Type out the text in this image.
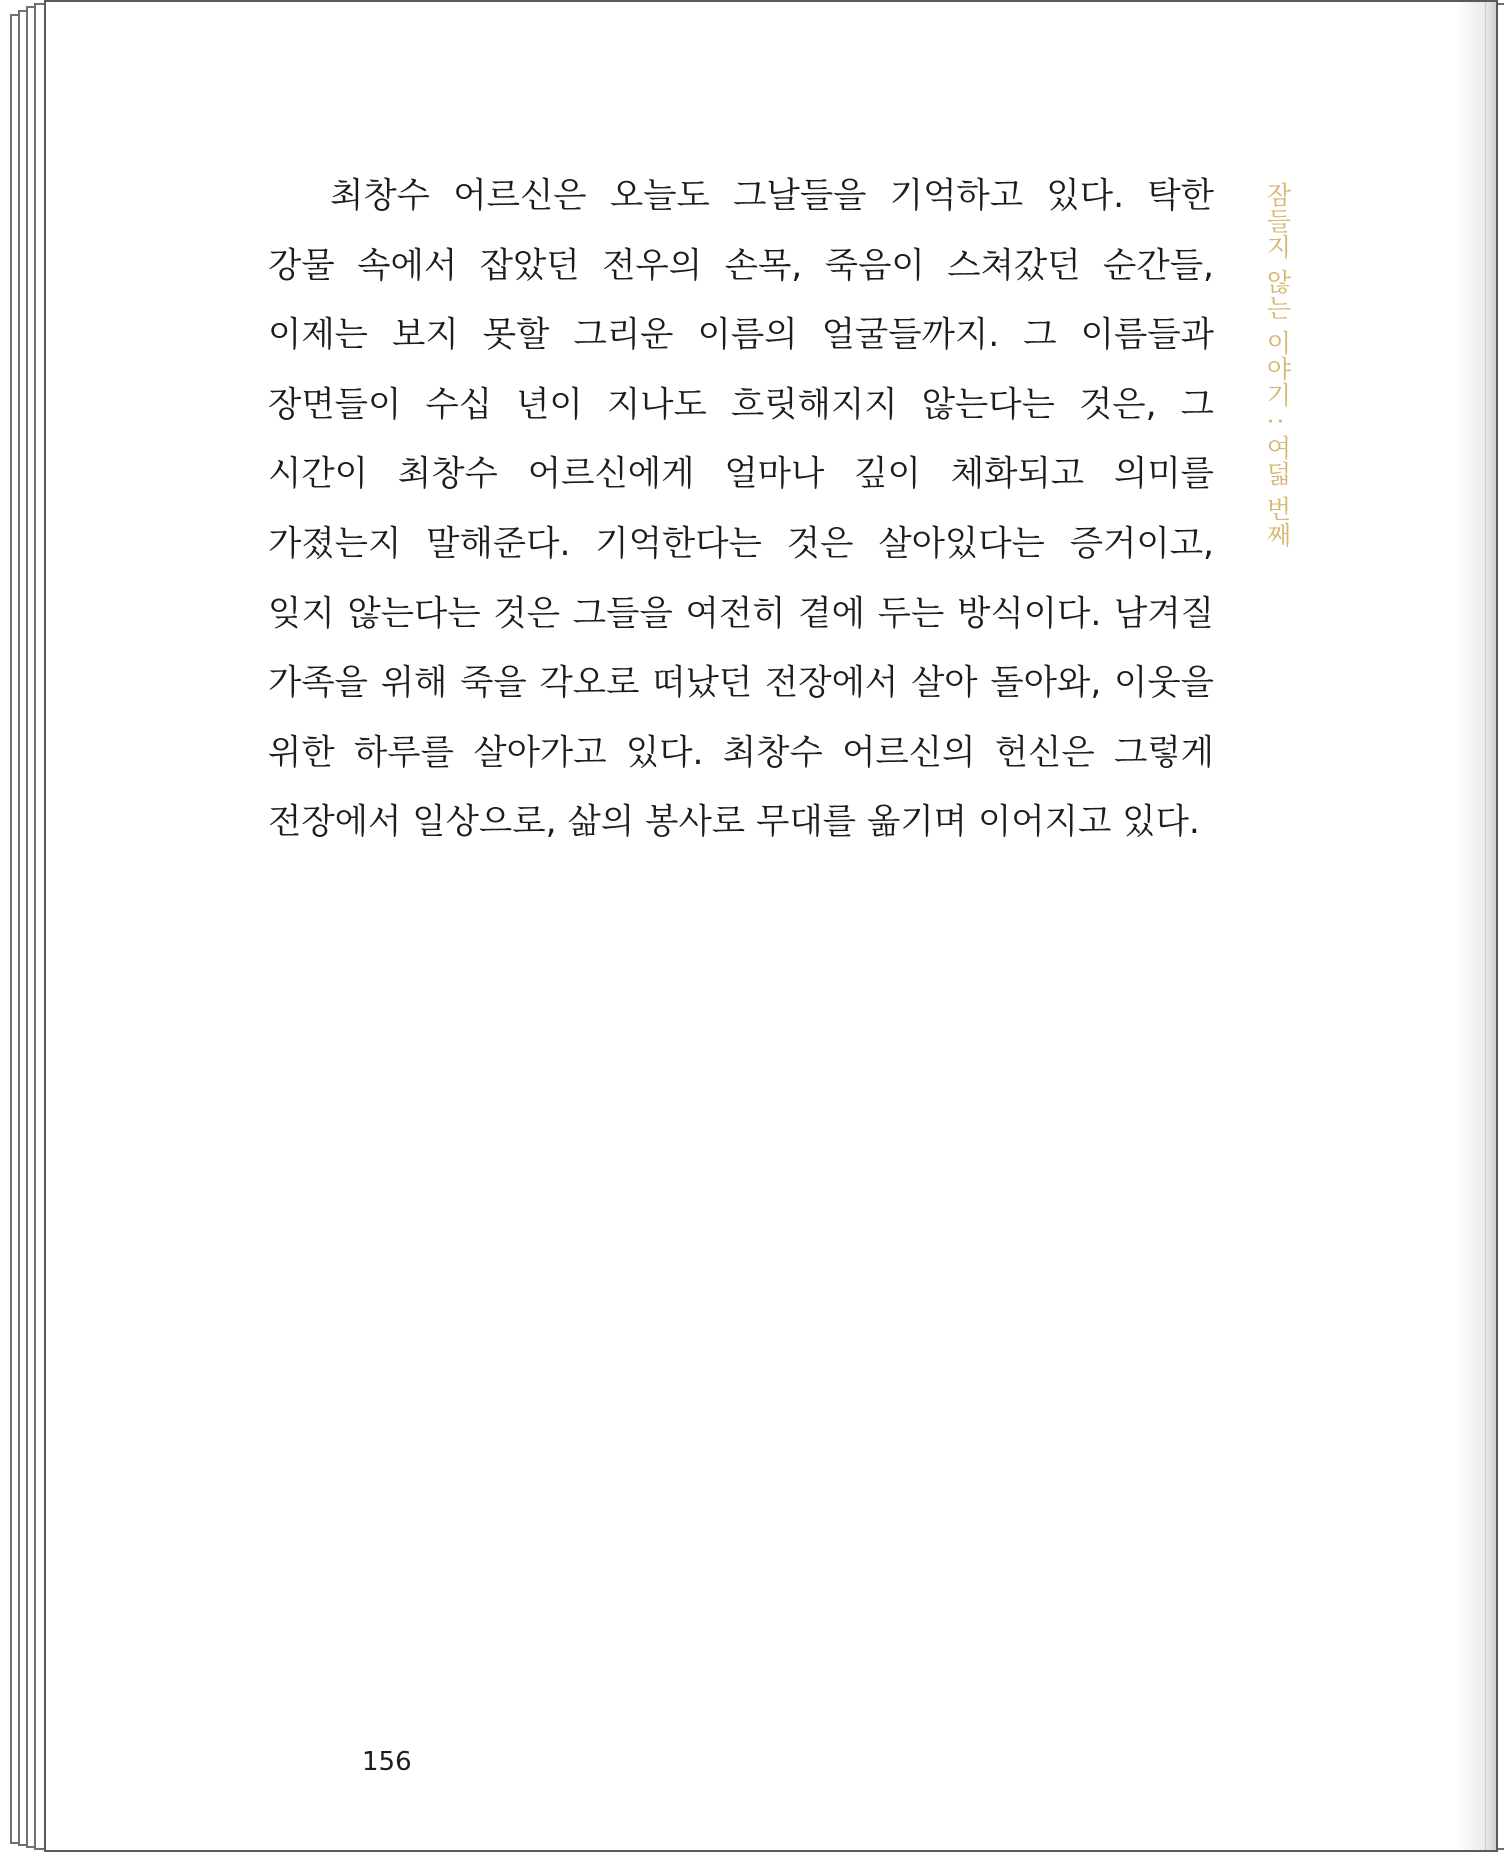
최창수 어르신은 오늘도 그날들을 기억하고 있다. 탁한 강물 속에서 잡았던 전우의 손목, 죽음이 스쳐갔던 순간들, 이제는 보지 못할 그리운 이름의 얼굴들까지. 그 이름들과 장면들이 수십 년이 지나도 흐릿해지지 않는다는 것은, 그 시간이 최창수 어르신에게 얼마나 깊이 체화되고 의미를 가졌는지 말해준다. 기억한다는 것은 살아있다는 증거이고, 잊지 않는다는 것은 그들을 여전히 곁에 두는 방식이다. 남겨질 가족을 위해 죽을 각오로 떠났던 전장에서 살아 돌아와, 이웃을 위한 하루를 살아가고 있다. 최창수 어르신의 헌신은 그렇게 전장에서 일상으로, 삶의 봉사로 무대를 옮기며 이어지고 있다.

잠들지 않는 이야기 : 여덟 번째
156
